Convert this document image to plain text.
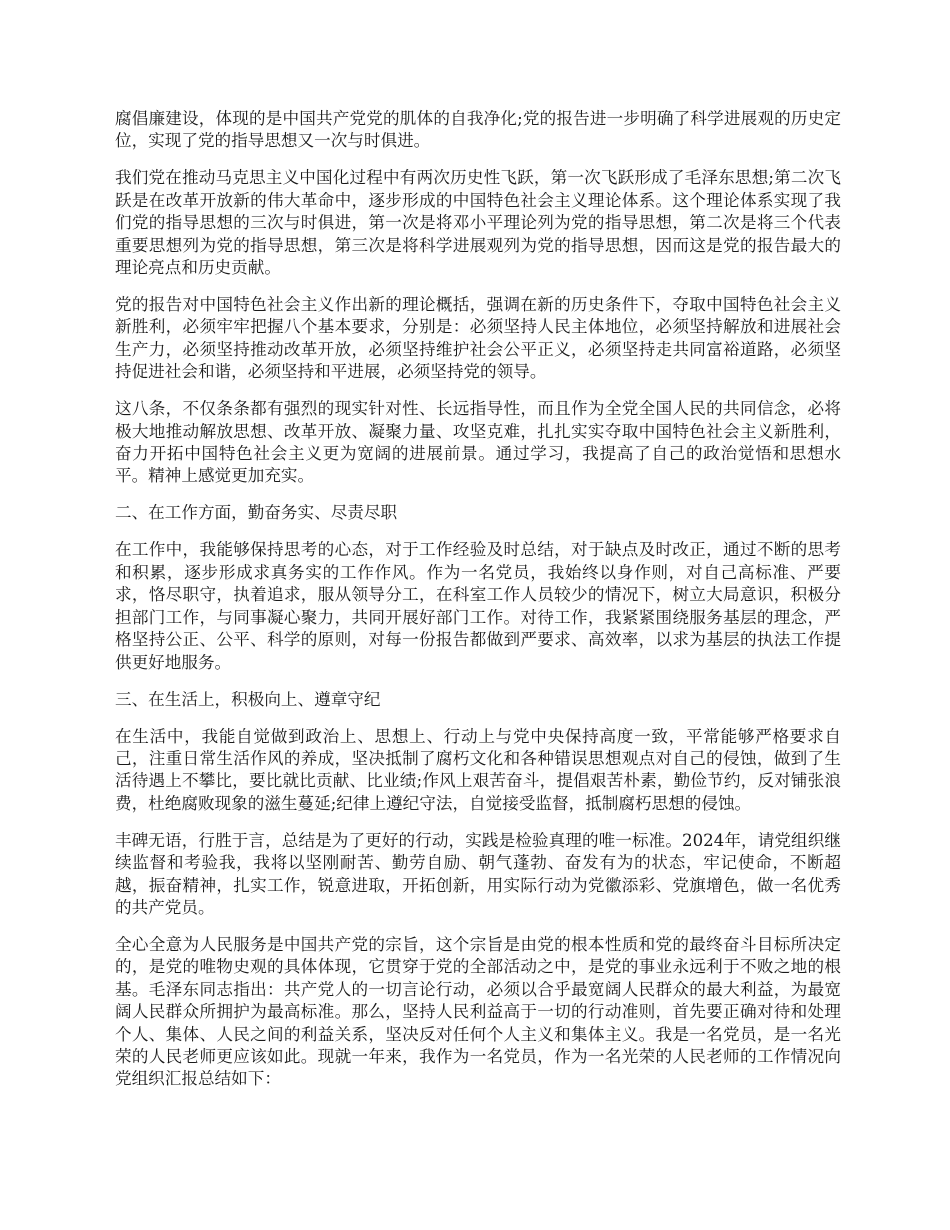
腐倡廉建设，体现的是中国共产党党的肌体的自我净化;党的报告进一步明确了科学进展观的历史定位，实现了党的指导思想又一次与时俱进。

我们党在推动马克思主义中国化过程中有两次历史性飞跃，第一次飞跃形成了毛泽东思想;第二次飞跃是在改革开放新的伟大革命中，逐步形成的中国特色社会主义理论体系。这个理论体系实现了我们党的指导思想的三次与时俱进，第一次是将邓小平理论列为党的指导思想，第二次是将三个代表重要思想列为党的指导思想，第三次是将科学进展观列为党的指导思想，因而这是党的报告最大的理论亮点和历史贡献。

党的报告对中国特色社会主义作出新的理论概括，强调在新的历史条件下，夺取中国特色社会主义新胜利，必须牢牢把握八个基本要求，分别是：必须坚持人民主体地位，必须坚持解放和进展社会生产力，必须坚持推动改革开放，必须坚持维护社会公平正义，必须坚持走共同富裕道路，必须坚持促进社会和谐，必须坚持和平进展，必须坚持党的领导。

这八条，不仅条条都有强烈的现实针对性、长远指导性，而且作为全党全国人民的共同信念，必将极大地推动解放思想、改革开放、凝聚力量、攻坚克难，扎扎实实夺取中国特色社会主义新胜利，奋力开拓中国特色社会主义更为宽阔的进展前景。通过学习，我提高了自己的政治觉悟和思想水平。精神上感觉更加充实。

二、在工作方面，勤奋务实、尽责尽职

在工作中，我能够保持思考的心态，对于工作经验及时总结，对于缺点及时改正，通过不断的思考和积累，逐步形成求真务实的工作作风。作为一名党员，我始终以身作则，对自己高标准、严要求，恪尽职守，执着追求，服从领导分工，在科室工作人员较少的情况下，树立大局意识，积极分担部门工作，与同事凝心聚力，共同开展好部门工作。对待工作，我紧紧围绕服务基层的理念，严格坚持公正、公平、科学的原则，对每一份报告都做到严要求、高效率，以求为基层的执法工作提供更好地服务。

三、在生活上，积极向上、遵章守纪

在生活中，我能自觉做到政治上、思想上、行动上与党中央保持高度一致，平常能够严格要求自己，注重日常生活作风的养成，坚决抵制了腐朽文化和各种错误思想观点对自己的侵蚀，做到了生活待遇上不攀比，要比就比贡献、比业绩;作风上艰苦奋斗，提倡艰苦朴素，勤俭节约，反对铺张浪费，杜绝腐败现象的滋生蔓延;纪律上遵纪守法，自觉接受监督，抵制腐朽思想的侵蚀。

丰碑无语，行胜于言，总结是为了更好的行动，实践是检验真理的唯一标准。2024年，请党组织继续监督和考验我，我将以坚刚耐苦、勤劳自励、朝气蓬勃、奋发有为的状态，牢记使命，不断超越，振奋精神，扎实工作，锐意进取，开拓创新，用实际行动为党徽添彩、党旗增色，做一名优秀的共产党员。

全心全意为人民服务是中国共产党的宗旨，这个宗旨是由党的根本性质和党的最终奋斗目标所决定的，是党的唯物史观的具体体现，它贯穿于党的全部活动之中，是党的事业永远利于不败之地的根基。毛泽东同志指出：共产党人的一切言论行动，必须以合乎最宽阔人民群众的最大利益，为最宽阔人民群众所拥护为最高标准。那么，坚持人民利益高于一切的行动准则，首先要正确对待和处理个人、集体、人民之间的利益关系，坚决反对任何个人主义和集体主义。我是一名党员，是一名光荣的人民老师更应该如此。现就一年来，我作为一名党员，作为一名光荣的人民老师的工作情况向党组织汇报总结如下：
